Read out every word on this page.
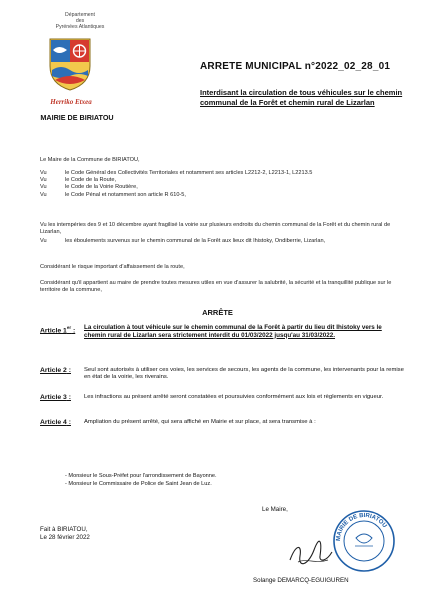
Département
des
Pyrénées Atlantiques
Herriko Etxea
MAIRIE DE BIRIATOU
ARRETE MUNICIPAL n°2022_02_28_01
Interdisant la circulation de tous véhicules sur le chemin communal de la Forêt et chemin rural de Lizarlan
Le Maire de la Commune de BIRIATOU,
Vu	le Code Général des Collectivités Territoriales et notamment ses articles L2212-2, L2213-1, L2213.5
Vu	le Code de la Route,
Vu	le Code de la Voirie Routière,
Vu	le Code Pénal et notamment son article R 610-5,
Vu les intempéries des 9 et 10 décembre ayant fragilisé la voirie sur plusieurs endroits du chemin communal de la Forêt et du chemin rural de Lizarlan,
Vu	les éboulements survenus sur le chemin communal de la Forêt aux lieux dit Ihistoky, Ondiberrie, Lizarlan,
Considérant le risque important d'affaissement de la route,
Considérant qu'il appartient au maire de prendre toutes mesures utiles en vue d'assurer la salubrité, la sécurité et la tranquillité publique sur le territoire de la commune,
ARRÊTE
Article 1er :	La circulation à tout véhicule sur le chemin communal de la Forêt à partir du lieu dit Ihistoky vers le chemin rural de Lizarlan sera strictement interdit du 01/03/2022 jusqu'au 31/03/2022.
Article 2 :	Seul sont autorisés à utiliser ces voies, les services de secours, les agents de la commune, les intervenants pour la remise en état de la voirie, les riverains.
Article 3 :	Les infractions au présent arrêté seront constatées et poursuivies conformément aux lois et règlements en vigueur.
Article 4 :	Ampliation du présent arrêté, qui sera affiché en Mairie et sur place, at sera transmise à :
- Monsieur le Sous-Préfet pour l'arrondissement de Bayonne.
- Monsieur le Commissaire de Police de Saint Jean de Luz.
Fait à BIRIATOU,
Le 28 février 2022
Le Maire,
MAIRIE DE BIRIATOU
Solange DEMARCQ-EGUIGUREN
